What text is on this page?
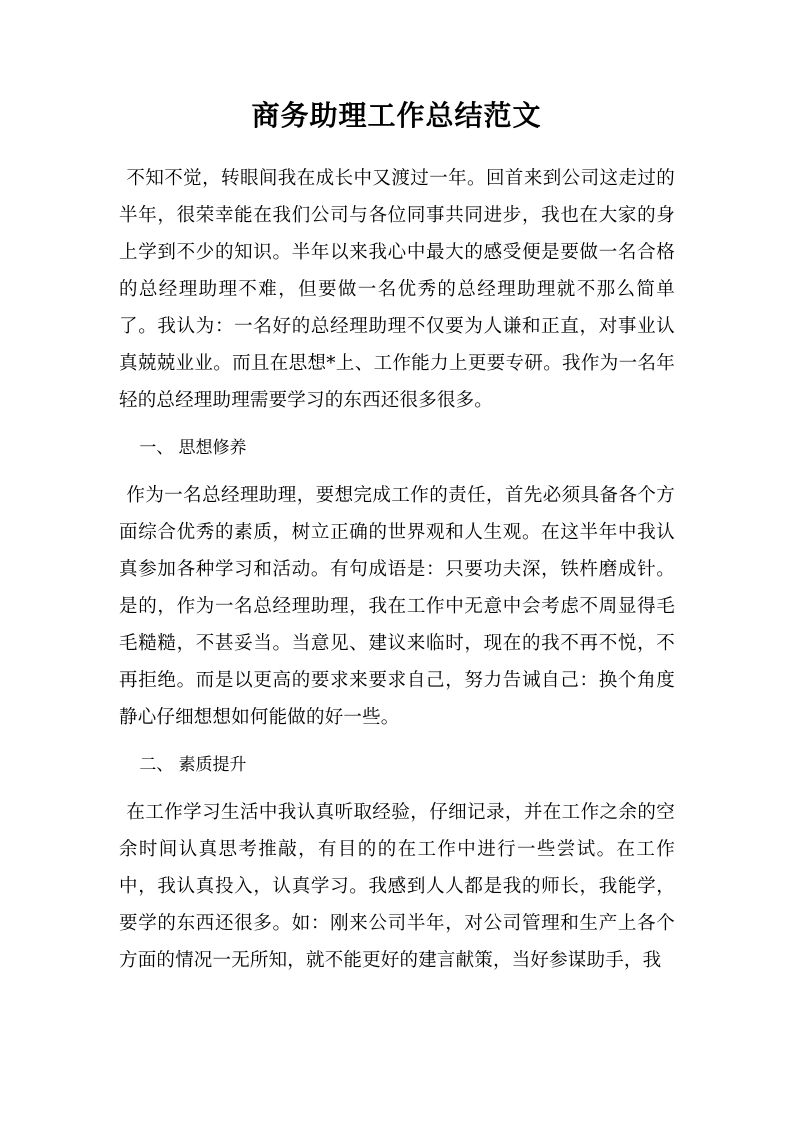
商务助理工作总结范文

不知不觉，转眼间我在成长中又渡过一年。回首来到公司这走过的半年，很荣幸能在我们公司与各位同事共同进步，我也在大家的身上学到不少的知识。半年以来我心中最大的感受便是要做一名合格的总经理助理不难，但要做一名优秀的总经理助理就不那么简单了。我认为：一名好的总经理助理不仅要为人谦和正直，对事业认真兢兢业业。而且在思想*上、工作能力上更要专研。我作为一名年轻的总经理助理需要学习的东西还很多很多。

一、 思想修养

作为一名总经理助理，要想完成工作的责任，首先必须具备各个方面综合优秀的素质，树立正确的世界观和人生观。在这半年中我认真参加各种学习和活动。有句成语是：只要功夫深，铁杵磨成针。是的，作为一名总经理助理，我在工作中无意中会考虑不周显得毛毛糙糙，不甚妥当。当意见、建议来临时，现在的我不再不悦，不再拒绝。而是以更高的要求来要求自己，努力告诫自己：换个角度静心仔细想想如何能做的好一些。

二、 素质提升

在工作学习生活中我认真听取经验，仔细记录，并在工作之余的空余时间认真思考推敲，有目的的在工作中进行一些尝试。在工作中，我认真投入，认真学习。我感到人人都是我的师长，我能学，要学的东西还很多。如：刚来公司半年，对公司管理和生产上各个方面的情况一无所知，就不能更好的建言献策，当好参谋助手，我
